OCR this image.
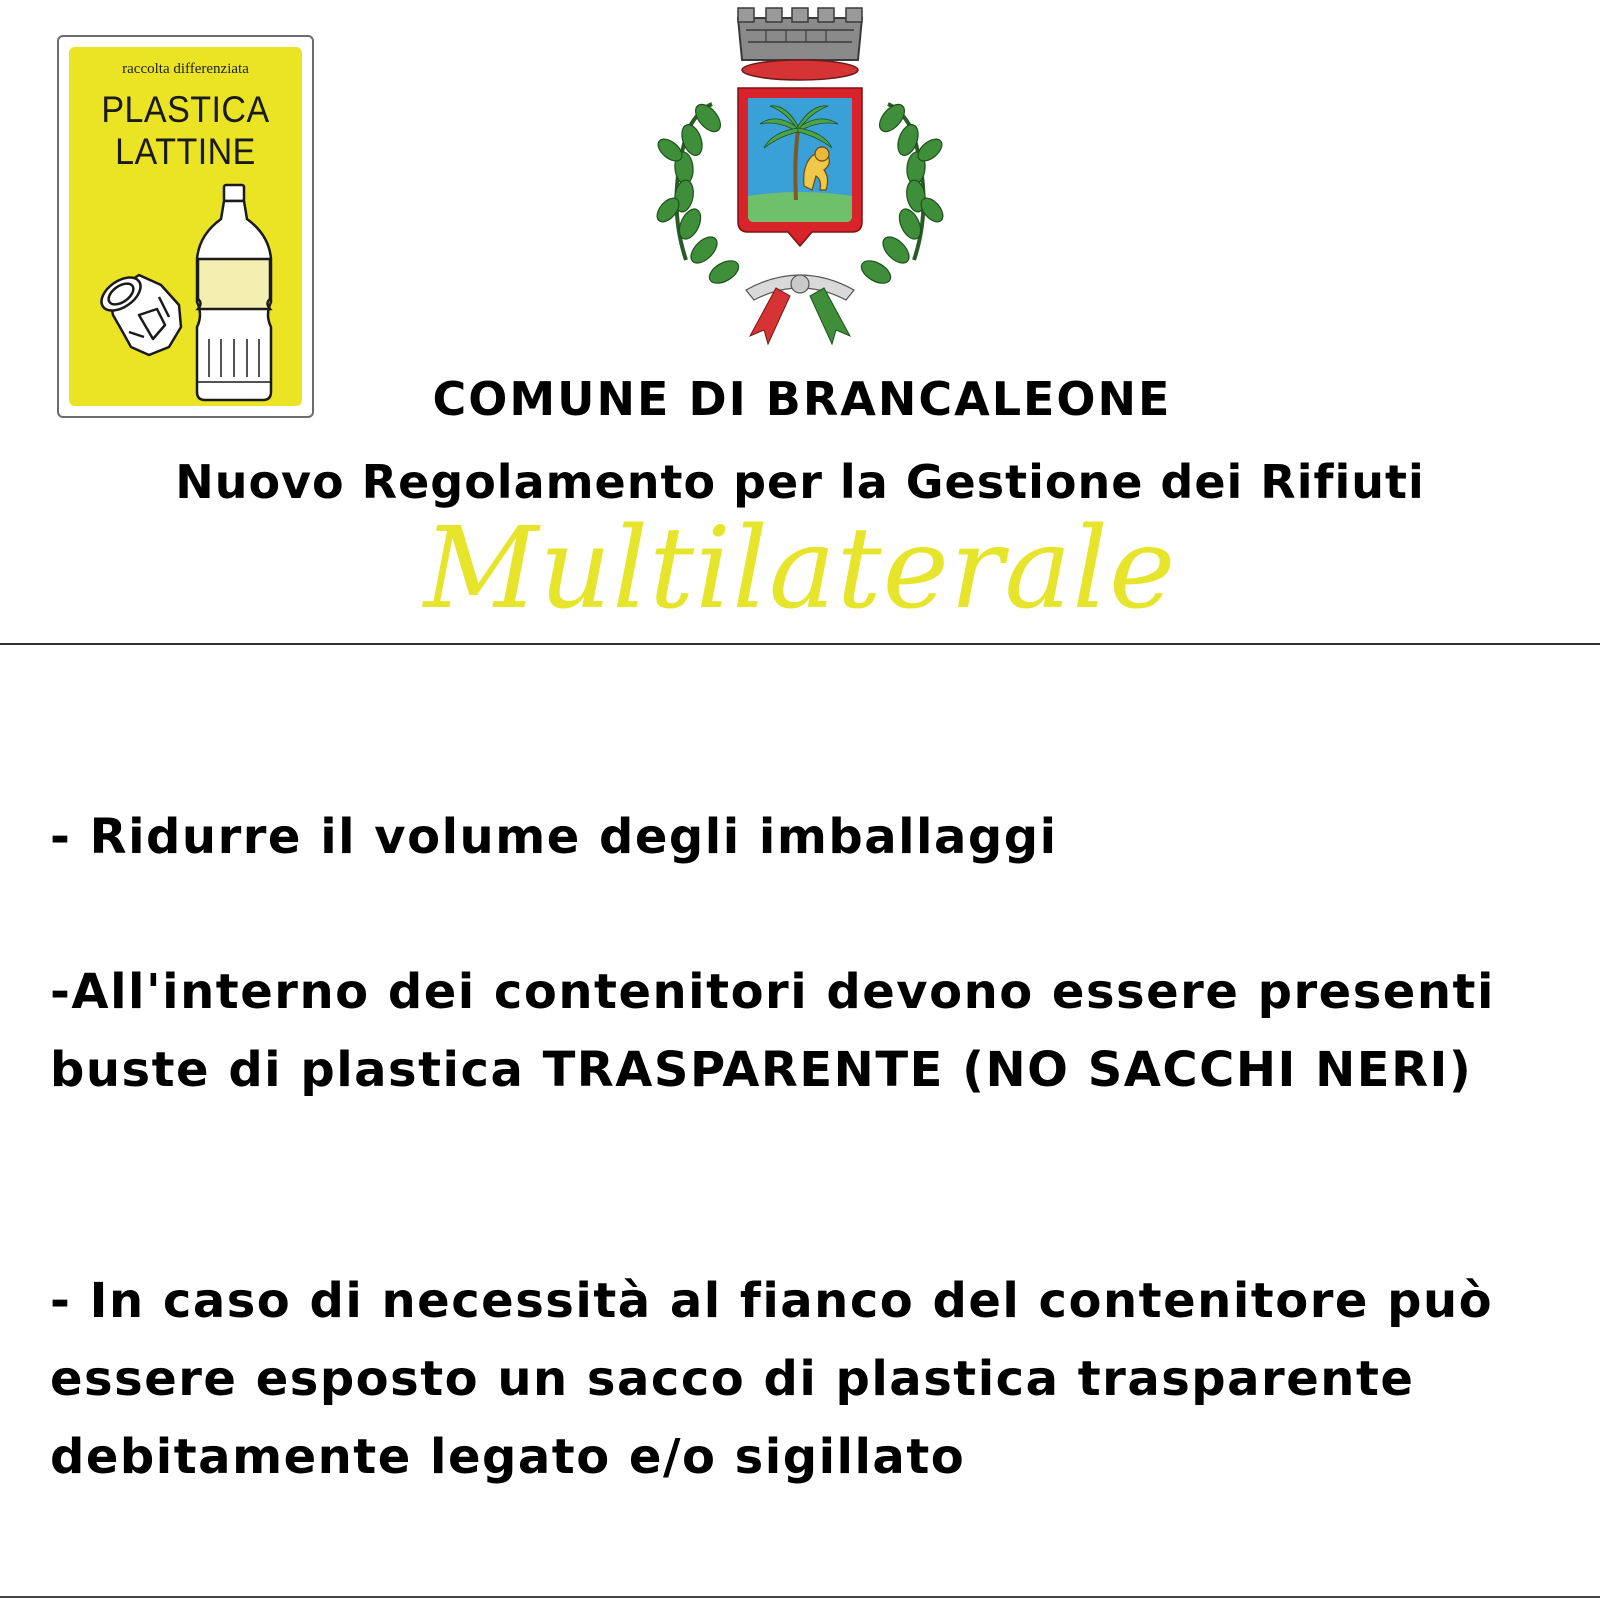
raccolta differenziata
PLASTICA
LATTINE
COMUNE DI BRANCALEONE
Nuovo Regolamento per la Gestione dei Rifiuti
Multilaterale

- Ridurre il volume degli imballaggi

-All'interno dei contenitori devono essere presenti buste di plastica TRASPARENTE (NO SACCHI NERI)

- In caso di necessità al fianco del contenitore può essere esposto un sacco di plastica trasparente debitamente legato e/o sigillato
